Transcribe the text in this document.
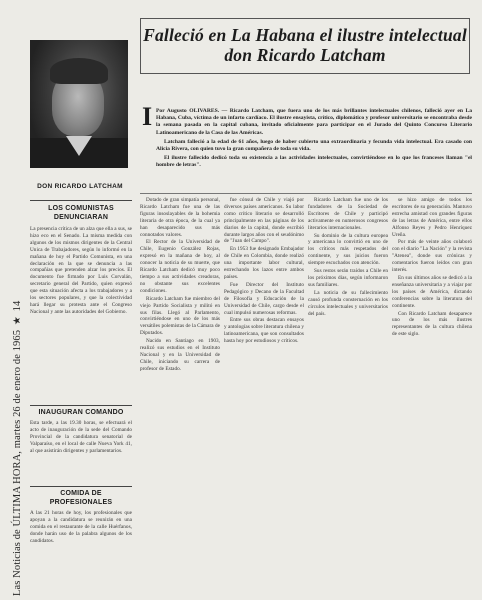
Las Noticias de ÚLTIMA HORA, martes 26 de enero de 1965 ★ 14
DON RICARDO LATCHAM
LOS COMUNISTAS DENUNCIARAN
La presencia crítica de un alza que ella a sus, se hizo eco en el Senado. La misma medida con algunos de los mismos dirigentes de la Central Unica de Trabajadores, según lo informó en la mañana de hoy el Partido Comunista, en una declaración en la que se denuncia a las compañías que pretenden alzar los precios. El documento fue firmado por Luis Corvalán, secretario general del Partido, quien expresó que esta situación afecta a los trabajadores y a los sectores populares, y que la colectividad hará llegar su protesta ante el Congreso Nacional y ante las autoridades del Gobierno.
INAUGURAN COMANDO
Esta tarde, a las 19.30 horas, se efectuará el acto de inauguración de la sede del Comando Provincial de la candidatura senatorial de Valparaíso, en el local de calle Nueva York 41, al que asistirán dirigentes y parlamentarios.
COMIDA DE PROFESIONALES
A las 21 horas de hoy, los profesionales que apoyan a la candidatura se reunirán en una comida en el restaurante de la calle Huérfanos, donde harán uso de la palabra algunos de los candidatos.
Falleció en La Habana el ilustre intelectual don Ricardo Latcham
I Por Augusto OLIVARES. — Ricardo Latcham, que fuera uno de los más brillantes intelectuales chilenos, falleció ayer en La Habana, Cuba, víctima de un infarto cardíaco. El ilustre ensayista, crítico, diplomático y profesor universitario se encontraba desde la semana pasada en la capital cubana, invitado oficialmente para participar en el Jurado del Quinto Concurso Literario Latinoamericano de la Casa de las Américas.

Latcham falleció a la edad de 61 años, luego de haber cubierto una extraordinaria y fecunda vida intelectual. Era casado con Alicia Rivera, con quien tuvo la gran compañera de toda su vida.

El ilustre fallecido dedicó toda su existencia a las actividades intelectuales, convirtiéndose en lo que los franceses llaman "el hombre de letras".

Dotado de gran simpatía personal, Ricardo Latcham fue una de las figuras insoslayables de la bohemia literaria de otra época, de la cual ya han desaparecido sus más connotados valores.

El Rector de la Universidad de Chile, Eugenio González Rojas, expresó en la mañana de hoy, al conocer la noticia de su muerte, que Ricardo Latcham dedicó muy poco tiempo a sus actividades creadoras, no obstante sus excelentes condiciones.

Ricardo Latcham fue miembro del viejo Partido Socialista y militó en sus filas. Llegó al Parlamento, convirtiéndose en uno de los más versátiles polemistas de la Cámara de Diputados.

Nacido en Santiago en 1903, realizó sus estudios en el Instituto Nacional y en la Universidad de Chile, iniciando su carrera de profesor de Estado.

fue cónsul de Chile y viajó por diversos países americanos. Su labor como crítico literario se desarrolló principalmente en las páginas de los diarios de la capital, donde escribió durante largos años con el seudónimo de "Juan del Campo".

En 1953 fue designado Embajador de Chile en Colombia, donde realizó una importante labor cultural, estrechando los lazos entre ambos países.

Fue Director del Instituto Pedagógico y Decano de la Facultad de Filosofía y Educación de la Universidad de Chile, cargo desde el cual impulsó numerosas reformas.

Entre sus obras destacan ensayos y antologías sobre literatura chilena y latinoamericana, que son consultados hasta hoy por estudiosos y críticos.

Ricardo Latcham fue uno de los fundadores de la Sociedad de Escritores de Chile y participó activamente en numerosos congresos literarios internacionales.

Su dominio de la cultura europea y americana lo convirtió en uno de los críticos más respetados del continente, y sus juicios fueron siempre escuchados con atención.

Sus restos serán traídos a Chile en los próximos días, según informaron sus familiares.

La noticia de su fallecimiento causó profunda consternación en los círculos intelectuales y universitarios del país.

se hizo amigo de todos los escritores de su generación. Mantuvo estrecha amistad con grandes figuras de las letras de América, entre ellos Alfonso Reyes y Pedro Henríquez Ureña.

Por más de veinte años colaboró con el diario "La Nación" y la revista "Atenea", donde sus crónicas y comentarios fueron leídos con gran interés.

En sus últimos años se dedicó a la enseñanza universitaria y a viajar por los países de América, dictando conferencias sobre la literatura del continente.

Con Ricardo Latcham desaparece uno de los más ilustres representantes de la cultura chilena de este siglo.
